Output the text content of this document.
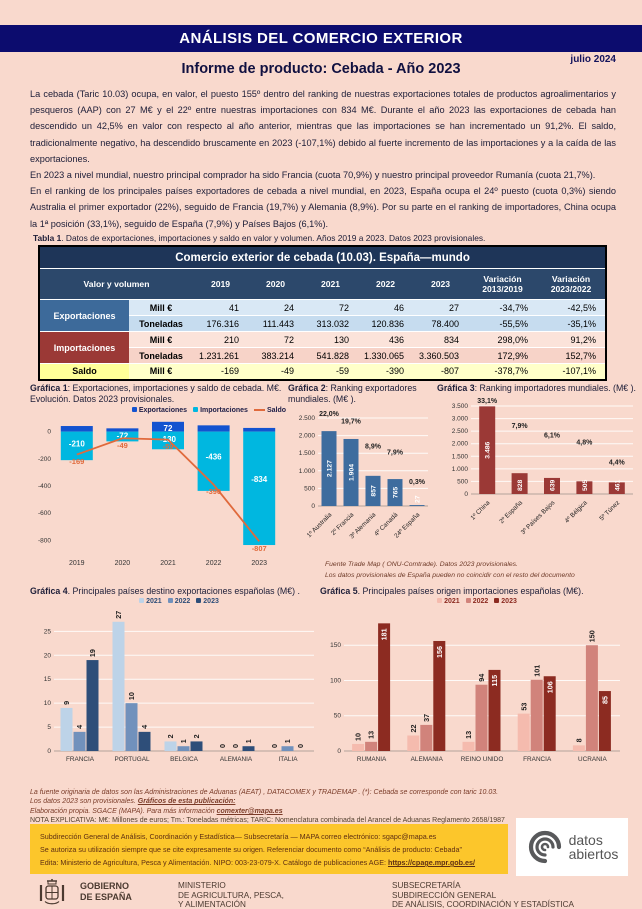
ANÁLISIS DEL COMERCIO EXTERIOR
julio 2024
Informe de producto: Cebada - Año 2023

La cebada (Taric 10.03) ocupa, en valor, el puesto 155º dentro del ranking de nuestras exportaciones totales de productos agroalimentarios y pesqueros (AAP) con 27 M€ y el 22º entre nuestras importaciones con 834 M€. Durante el año 2023 las exportaciones de cebada han descendido un 42,5% en valor con respecto al año anterior, mientras que las importaciones se han incrementado un 91,2%. El saldo, tradicionalmente negativo, ha descendido bruscamente en 2023 (-107,1%) debido al fuerte incremento de las importaciones y a la caída de las exportaciones.

En 2023 a nivel mundial, nuestro principal comprador ha sido Francia (cuota 70,9%) y nuestro principal proveedor Rumanía (cuota 21,7%).

En el ranking de los principales países exportadores de cebada a nivel mundial, en 2023, España ocupa el 24º puesto (cuota 0,3%) siendo Australia el primer exportador (22%), seguido de Francia (19,7%) y Alemania (8,9%). Por su parte en el ranking de importadores, China ocupa la 1ª posición (33,1%), seguido de España (7,9%) y Países Bajos (6,1%).

Tabla 1. Datos de exportaciones, importaciones y saldo en valor y volumen. Años 2019 a 2023. Datos 2023 provisionales.
Comercio exterior de cebada (10.03). España—mundo								
Valor y volumen		2019	2020	2021	2022	2023	Variación 2013/2019	Variación 2023/2022
Exportaciones	Mill €	41	24	72	46	27	-34,7%	-42,5%
	Toneladas	176.316	111.443	313.032	120.836	78.400	-55,5%	-35,1%
Importaciones	Mill €	210	72	130	436	834	298,0%	91,2%
	Toneladas	1.231.261	383.214	541.828	1.330.065	3.360.503	172,9%	152,7%
Saldo	Mill €	-169	-49	-59	-390	-807	-378,7%	-107,1%
Gráfica 1: Exportaciones, importaciones y saldo de cebada. M€. Evolución. Datos 2023 provisionales.
Exportaciones Importaciones	Saldo
0
-200
-400
-600
-800
-210
2019
-72
2020
72
-130
2021
-436
2022
-834
2023
-169
-49	-59
-390
-807
Gráfica 2: Ranking exportadores mundiales. (M€ ).
0
500
1.000
1.500
2.000
2.500
2.127
22,0%
1º Australia
1.904
19,7%
2º Francia
857
8,9%
3º Alemania
765
7,9%
4º Canadá
27
0,3%
24º España
Gráfica 3: Ranking importadores mundiales. (M€ ).
0
500
1.000
1.500
2.000
2.500
3.000
3.500
3.486
33,1%
1º China
828
7,9%
2º España
639
6,1%
3º Países Bajos
505
4,8%
4º Bélgica
461
4,4%
5º Túnez
Fuente Trade Map ( ONU-Comtrade). Datos 2023 provisionales.
Los datos provisionales de España pueden no coincidir con el resto del documento
Gráfica 4. Principales países destino exportaciones españolas (M€) .
2021 2022 2023
0
5
10
15
20
25
9
4
19
FRANCIA
27
10
4
PORTUGAL
2
1
2
BELGICA
0 0
1
ALEMANIA
0
1
0
ITALIA
Gráfica 5. Principales países origen importaciones españolas (M€).
2021 2022 2023
0
50
100
150
10 13
181
RUMANIA
22
37
156
ALEMANIA
13
94 115
REINO UNIDO
53
101
106
FRANCIA
8
150
85
UCRANIA
La fuente originaria de datos son las Administraciones de Aduanas (AEAT) , DATACOMEX y TRADEMAP . (*): Cebada se corresponde con taric 10.03.
Los datos 2023 son provisionales. Gráficos de esta publicación:
Elaboración propia. SGACE (MAPA). Para más información comexter@mapa.es
NOTA EXPLICATIVA: M€: Millones de euros; Tm.: Toneladas métricas; TARIC: Nomenclatura combinada del Arancel de Aduanas Reglamento 2658/1987
Subdirección General de Análisis, Coordinación y Estadística— Subsecretaría — MAPA correo electrónico: sgapc@mapa.es
Se autoriza su utilización siempre que se cite expresamente su origen. Referenciar documento como “Análisis de producto: Cebada”
Edita: Ministerio de Agricultura, Pesca y Alimentación. NIPO: 003-23-079-X. Catálogo de publicaciones AGE: https://cpage.mpr.gob.es/
datos
abiertos
GOBIERNO
DE ESPAÑA
MINISTERIO
DE AGRICULTURA, PESCA,
Y ALIMENTACIÓN
SUBSECRETARÍA
SUBDIRECCIÓN GENERAL
DE ANÁLISIS, COORDINACIÓN Y ESTADÍSTICA
